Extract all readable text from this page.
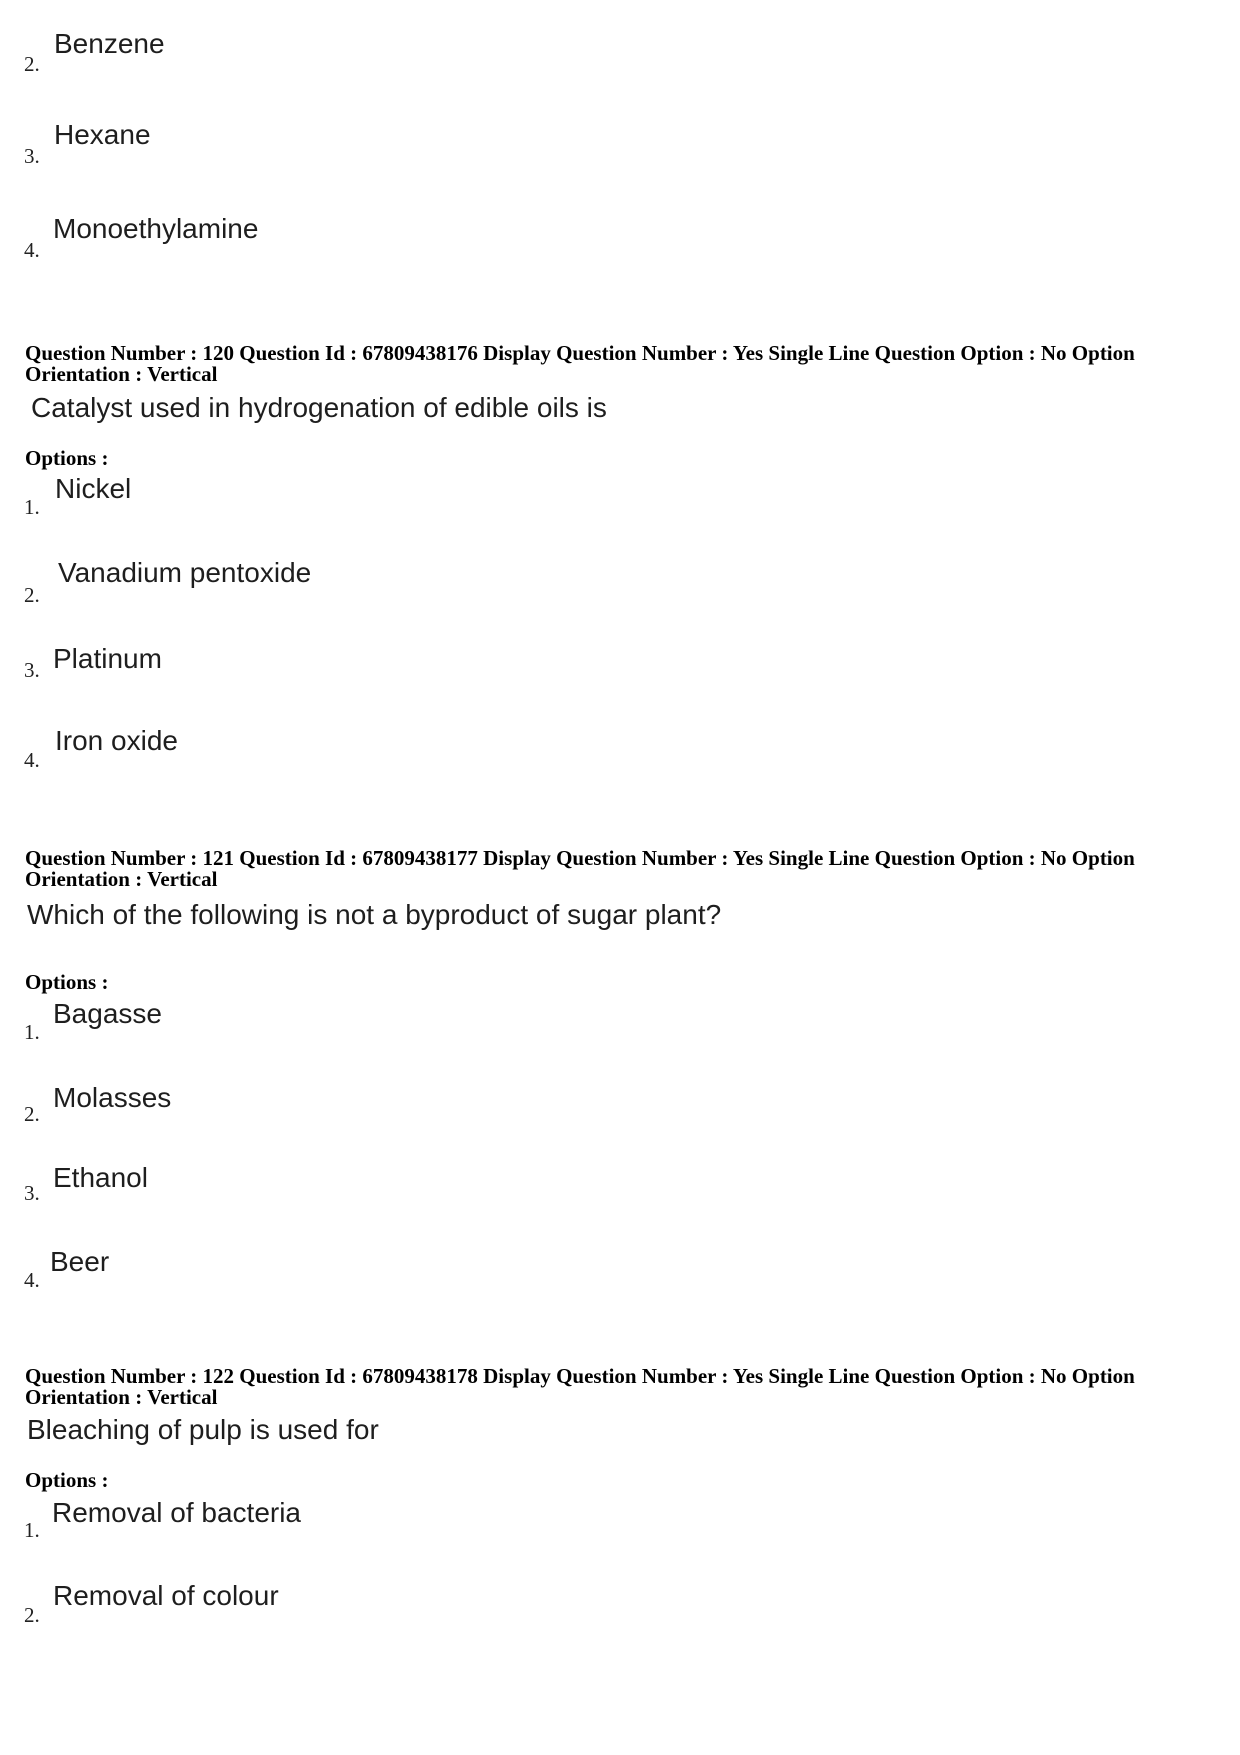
2.
Benzene
3.
Hexane
4.
Monoethylamine
Question Number : 120 Question Id : 67809438176 Display Question Number : Yes Single Line Question Option : No Option
Orientation : Vertical
Catalyst used in hydrogenation of edible oils is
Options :
1.
Nickel
2.
Vanadium pentoxide
3. Platinum
4.
Iron oxide
Question Number : 121 Question Id : 67809438177 Display Question Number : Yes Single Line Question Option : No Option
Orientation : Vertical
Which of the following is not a byproduct of sugar plant?
Options :
1.
Bagasse
2.
Molasses
3. Ethanol
4.
Beer
Question Number : 122 Question Id : 67809438178 Display Question Number : Yes Single Line Question Option : No Option
Orientation : Vertical
Bleaching of pulp is used for
Options :
1.
Removal of bacteria
2.
Removal of colour
